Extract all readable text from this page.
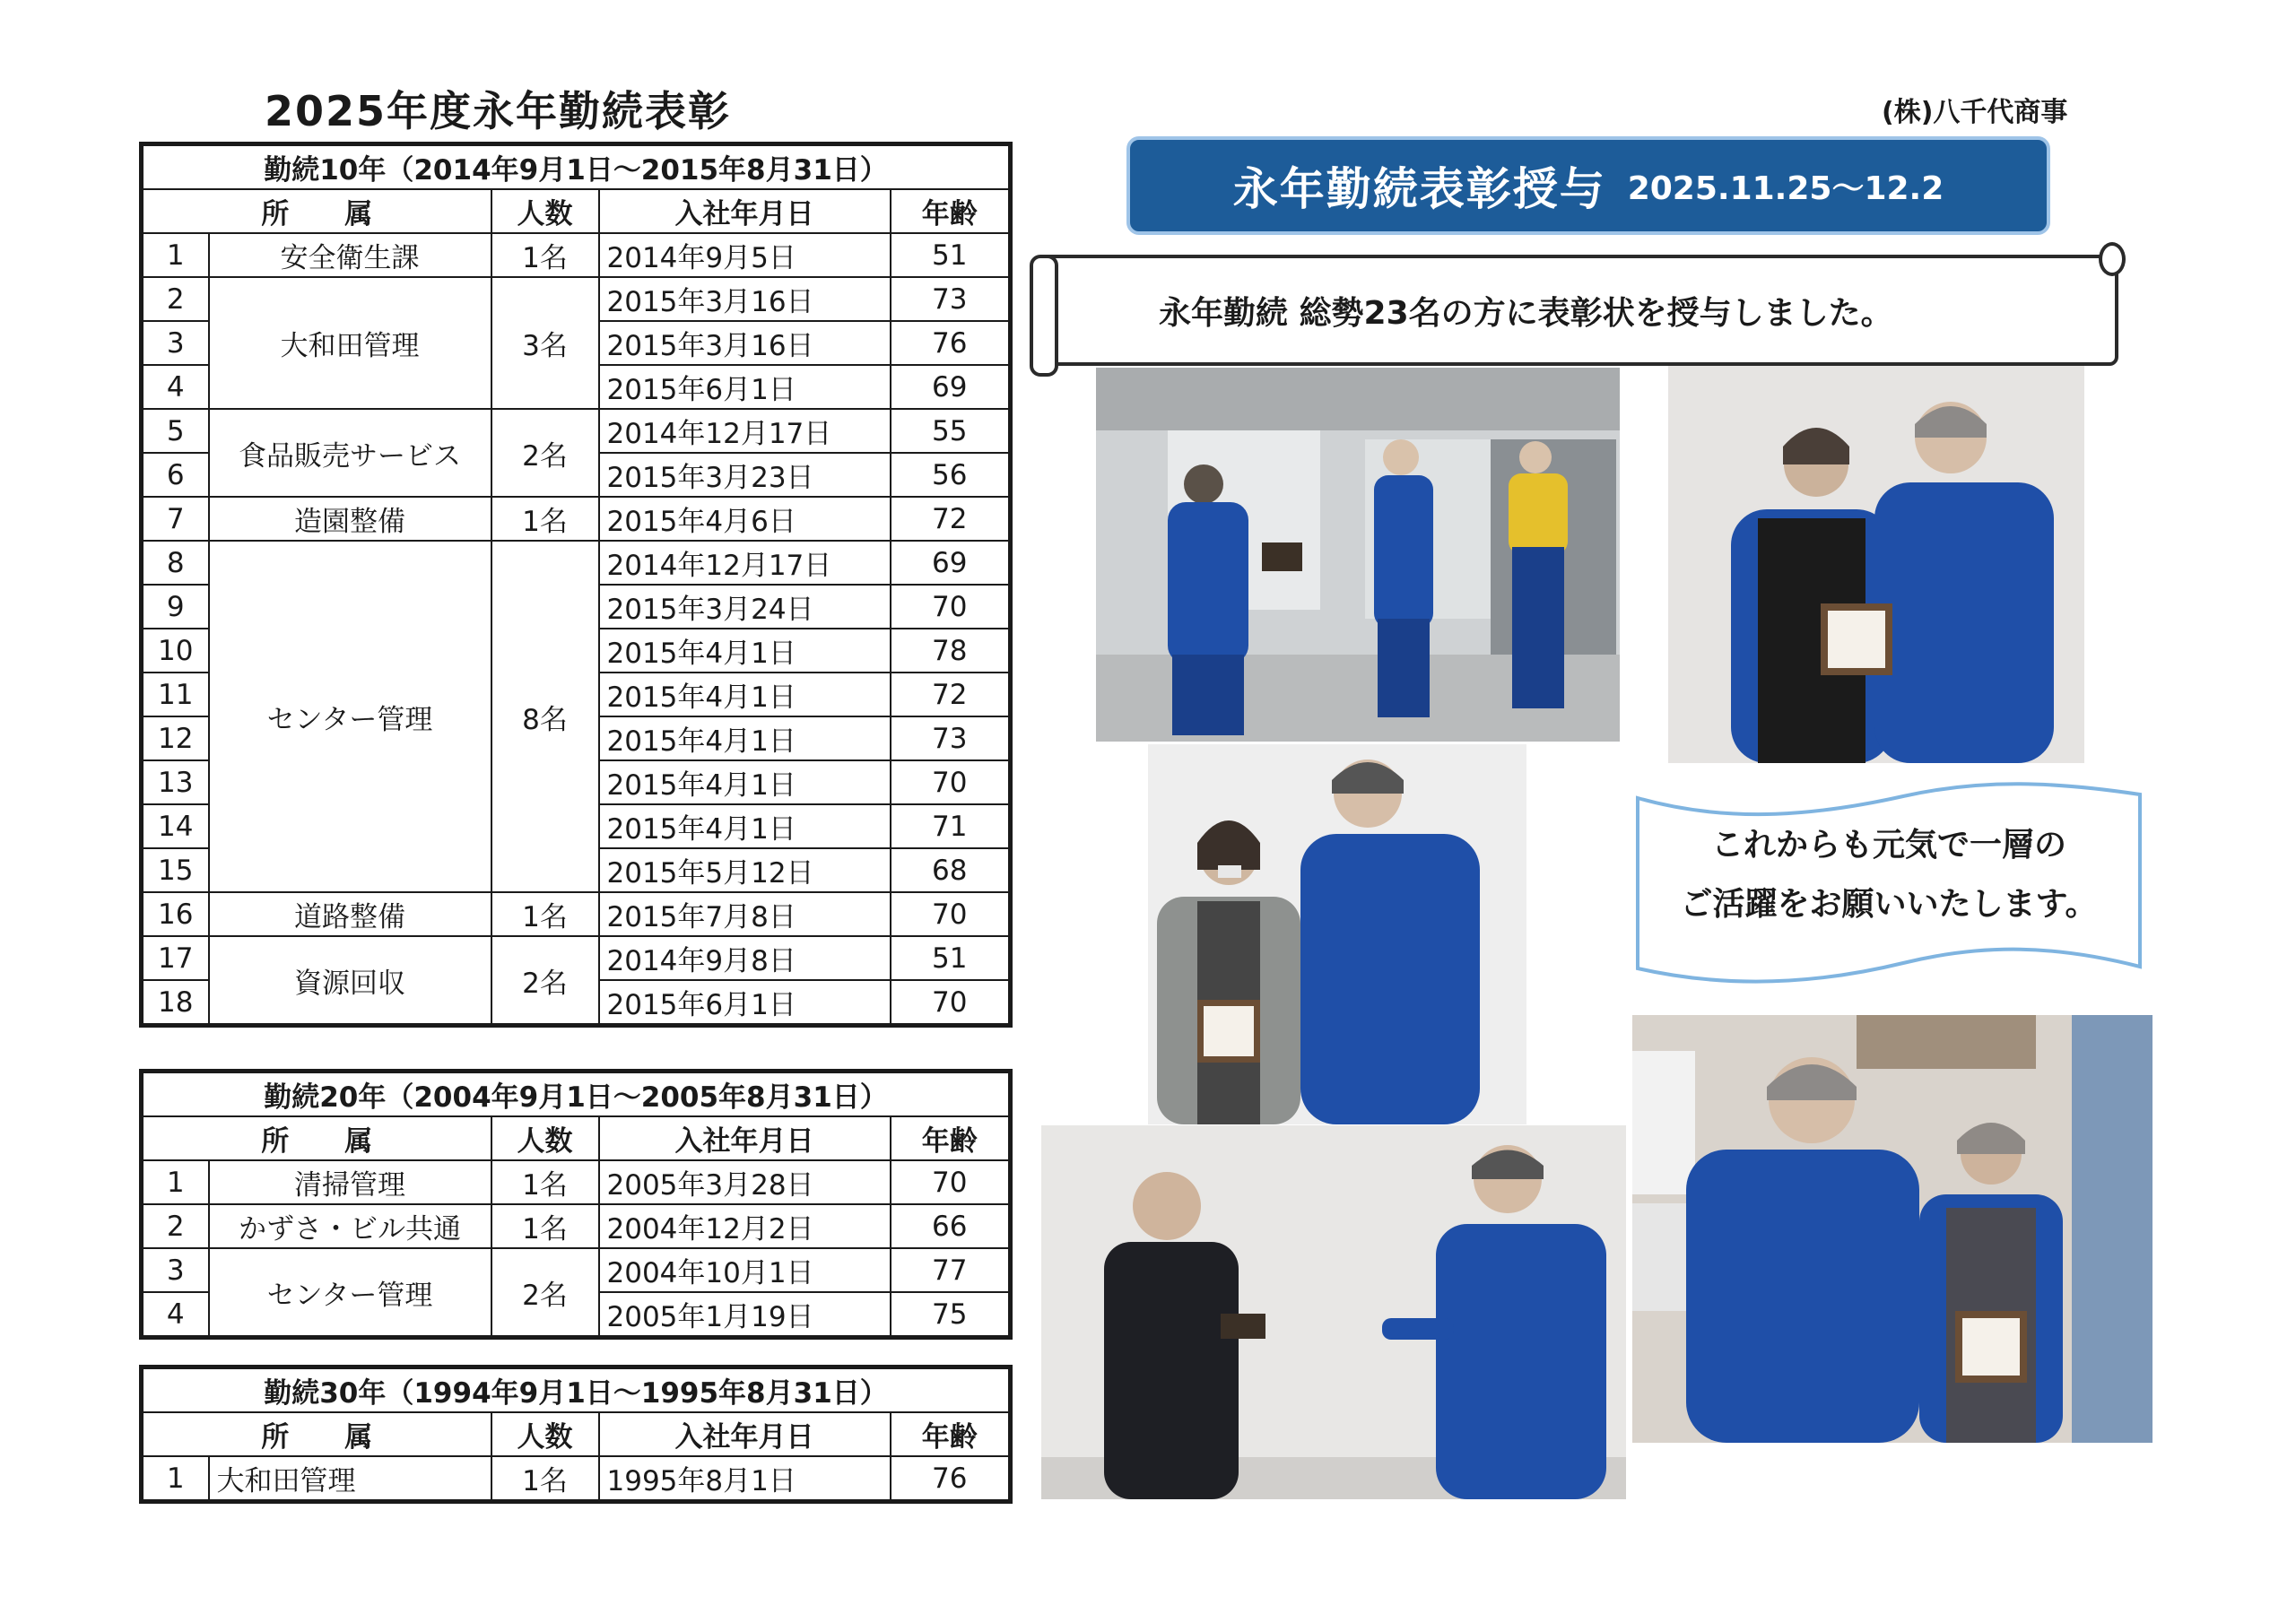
2025年度永年勤続表彰	(株)八千代商事
勤続10年（2014年9月1日〜2015年8月31日）				
所　　属		人数	入社年月日	年齢
1	安全衛生課	1名	2014年9月5日	51
2	大和田管理	3名	2015年3月16日	73
3			2015年3月16日	76
4			2015年6月1日	69
5	食品販売サービス	2名	2014年12月17日	55
6			2015年3月23日	56
7	造園整備	1名	2015年4月6日	72
8	センター管理	8名	2014年12月17日	69
9			2015年3月24日	70
10			2015年4月1日	78
11			2015年4月1日	72
12			2015年4月1日	73
13			2015年4月1日	70
14			2015年4月1日	71
15			2015年5月12日	68
16	道路整備	1名	2015年7月8日	70
17	資源回収	2名	2014年9月8日	51
18			2015年6月1日	70
勤続20年（2004年9月1日〜2005年8月31日）				
所　　属		人数	入社年月日	年齢
1	清掃管理	1名	2005年3月28日	70
2	かずさ・ビル共通	1名	2004年12月2日	66
3	センター管理	2名	2004年10月1日	77
4			2005年1月19日	75
勤続30年（1994年9月1日〜1995年8月31日）				
所　　属		人数	入社年月日	年齢
1	大和田管理	1名	1995年8月1日	76
永年勤続表彰授与 2025.11.25〜12.2
永年勤続 総勢23名の方に表彰状を授与しました。
これからも元気で一層の
ご活躍をお願いいたします。
